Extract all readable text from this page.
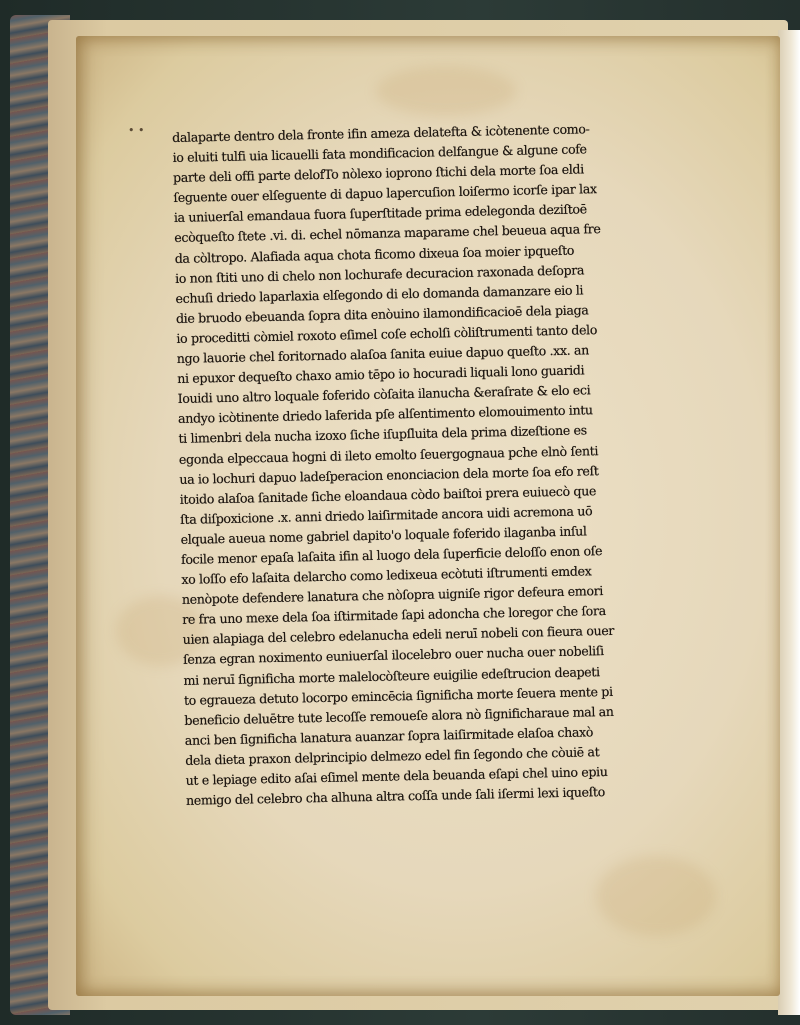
• • dalaparte dentro dela fronte ifin ameza delatefta & icòtenente como-
io eluiti tulfi uia licauelli fata mondificacion delfangue & algune cofe
parte deli offi parte delofTo nòlexo ioprono ſtichi dela morte ſoa eldi
ſeguente ouer elſeguente di dapuo lapercuſion loiſermo icorſe ipar lax
ia uniuerſal emandaua fuora ſuperſtitade prima edelegonda deziſtoē
ecòqueſto ſtete .vi. di. echel nōmanza maparame chel beueua aqua fre
da còltropo. Alafiada aqua chota ficomo dixeua ſoa moier ipqueſto
io non ſtiti uno di chelo non lochurafe decuracion raxonada deſopra
echuſi driedo laparlaxia elſegondo di elo domanda damanzare eio li
die bruodo ebeuanda ſopra dita enòuino ilamondificacioē dela piaga
io proceditti còmiel roxoto eſimel coſe echolſi còliſtrumenti tanto delo
ngo lauorie chel foritornado alaſoa ſanita euiue dapuo queſto .xx. an
ni epuxor dequeſto chaxo amio tēpo io hocuradi liquali lono guaridi
Iouidi uno altro loquale foferido còſaita ilanucha &eraſrate & elo eci
andyo icòtinente driedo laferida pſe alſentimento elomouimento intu
ti limenbri dela nucha izoxo ſiche iſupſluita dela prima dizeſtione es
egonda elpeccaua hogni di ileto emolto ſeuergognaua pche elnò ſenti
ua io lochuri dapuo ladeſperacion enonciacion dela morte ſoa efo reſt
itoido alaſoa ſanitade ſiche eloandaua còdo baiſtoi prera euiuecò que
ſta diſpoxicione .x. anni driedo laiſirmitade ancora uidi acremona uō
elquale aueua nome gabriel dapito'o loquale foferido ilaganba inſul
focile menor epaſa laſaita ifin al luogo dela ſuperficie deloſſo enon oſe
xo loſſo efo laſaita delarcho como ledixeua ecòtuti iſtrumenti emdex
nenòpote defendere lanatura che nòſopra uigniſe rigor defeura emori
re fra uno mexe dela ſoa iſtirmitade ſapi adoncha che loregor che ſora
uien alapiaga del celebro edelanucha edeli neruī nobeli con fieura ouer
ſenza egran noximento euniuerſal ilocelebro ouer nucha ouer nobeliſi
mi neruī ſignificha morte malelocòſteure euigilie edeſtrucion deapeti
to egraueza detuto locorpo emincēcia ſignificha morte ſeuera mente pi
beneficio deluētre tute lecoſſe remoueſe alora nò ſignificharaue mal an
anci ben ſignificha lanatura auanzar ſopra laiſirmitade elaſoa chaxò
dela dieta praxon delprincipio delmezo edel fin ſegondo che còuiē at
ut e lepiage edito aſai eſimel mente dela beuanda eſapi chel uino epiu
nemigo del celebro cha alhuna altra coſſa unde ſali iſermi lexi iqueſto
